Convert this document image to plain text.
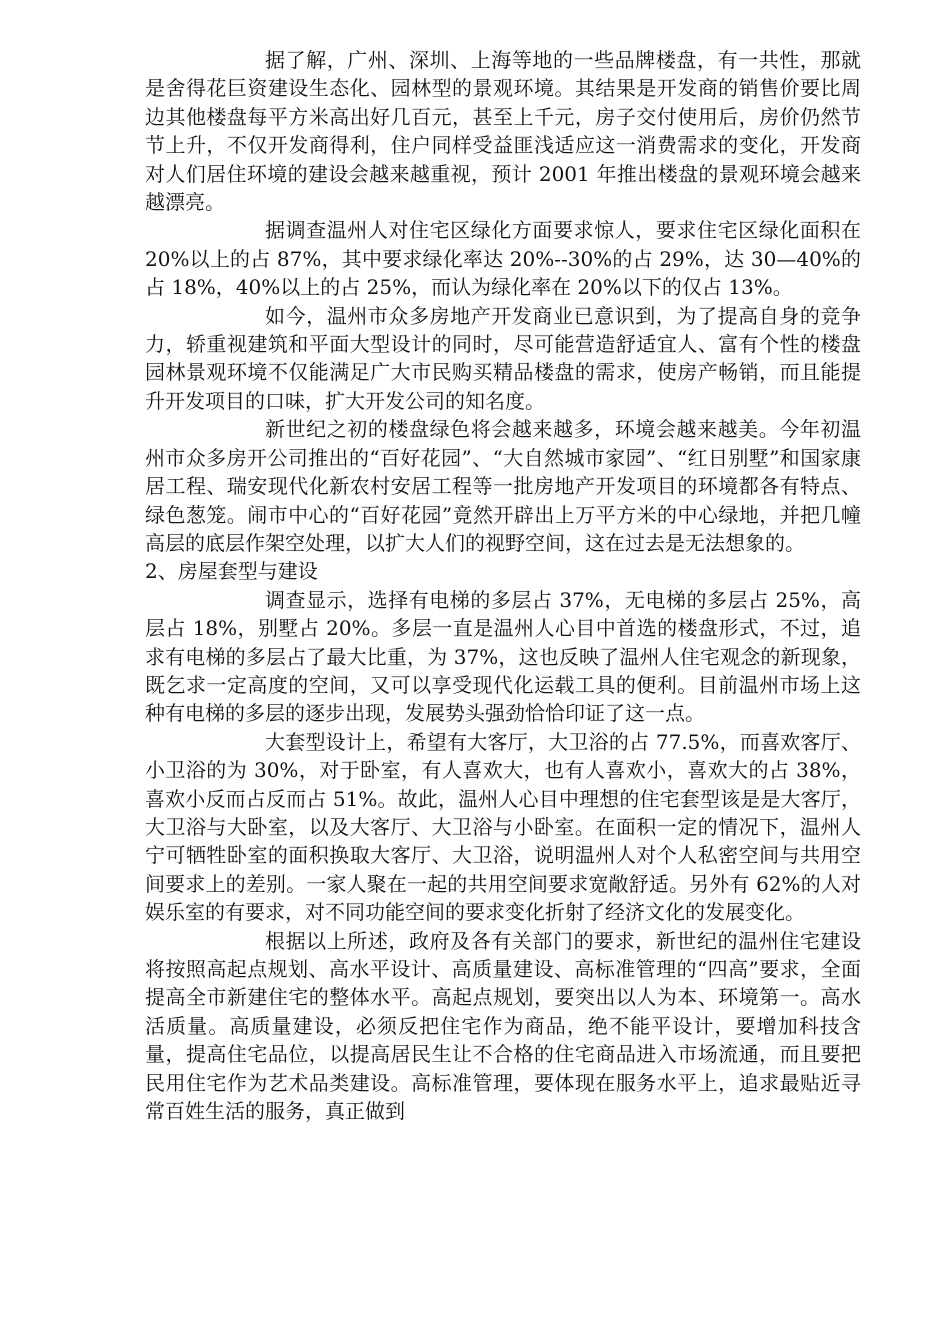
据了解，广州、深圳、上海等地的一些品牌楼盘，有一共性，那就是舍得花巨资建设生态化、园林型的景观环境。其结果是开发商的销售价要比周边其他楼盘每平方米高出好几百元，甚至上千元，房子交付使用后，房价仍然节节上升，不仅开发商得利，住户同样受益匪浅适应这一消费需求的变化，开发商对人们居住环境的建设会越来越重视，预计 2001 年推出楼盘的景观环境会越来越漂亮。

据调查温州人对住宅区绿化方面要求惊人，要求住宅区绿化面积在 20%以上的占 87%，其中要求绿化率达 20%--30%的占 29%，达 30—40%的占 18%，40%以上的占 25%，而认为绿化率在 20%以下的仅占 13%。

如今，温州市众多房地产开发商业已意识到，为了提高自身的竞争力，轿重视建筑和平面大型设计的同时，尽可能营造舒适宜人、富有个性的楼盘园林景观环境不仅能满足广大市民购买精品楼盘的需求，使房产畅销，而且能提升开发项目的口味，扩大开发公司的知名度。

新世纪之初的楼盘绿色将会越来越多，环境会越来越美。今年初温州市众多房开公司推出的“百好花园”、“大自然城市家园”、“红日别墅”和国家康居工程、瑞安现代化新农村安居工程等一批房地产开发项目的环境都各有特点、绿色葱笼。闹市中心的“百好花园”竟然开辟出上万平方米的中心绿地，并把几幢高层的底层作架空处理，以扩大人们的视野空间，这在过去是无法想象的。

2、房屋套型与建设

调查显示，选择有电梯的多层占 37%，无电梯的多层占 25%，高层占 18%，别墅占 20%。多层一直是温州人心目中首选的楼盘形式，不过，追求有电梯的多层占了最大比重，为 37%，这也反映了温州人住宅观念的新现象，既乞求一定高度的空间，又可以享受现代化运载工具的便利。目前温州市场上这种有电梯的多层的逐步出现，发展势头强劲恰恰印证了这一点。

大套型设计上，希望有大客厅，大卫浴的占 77.5%，而喜欢客厅、小卫浴的为 30%，对于卧室，有人喜欢大，也有人喜欢小，喜欢大的占 38%，喜欢小反而占反而占 51%。故此，温州人心目中理想的住宅套型该是是大客厅，大卫浴与大卧室，以及大客厅、大卫浴与小卧室。在面积一定的情况下，温州人宁可牺牲卧室的面积换取大客厅、大卫浴，说明温州人对个人私密空间与共用空间要求上的差别。一家人聚在一起的共用空间要求宽敞舒适。另外有 62%的人对娱乐室的有要求，对不同功能空间的要求变化折射了经济文化的发展变化。

根据以上所述，政府及各有关部门的要求，新世纪的温州住宅建设将按照高起点规划、高水平设计、高质量建设、高标准管理的“四高”要求，全面提高全市新建住宅的整体水平。高起点规划，要突出以人为本、环境第一。高水活质量。高质量建设，必须反把住宅作为商品，绝不能平设计，要增加科技含量，提高住宅品位，以提高居民生让不合格的住宅商品进入市场流通，而且要把民用住宅作为艺术品类建设。高标准管理，要体现在服务水平上，追求最贴近寻常百姓生活的服务，真正做到
